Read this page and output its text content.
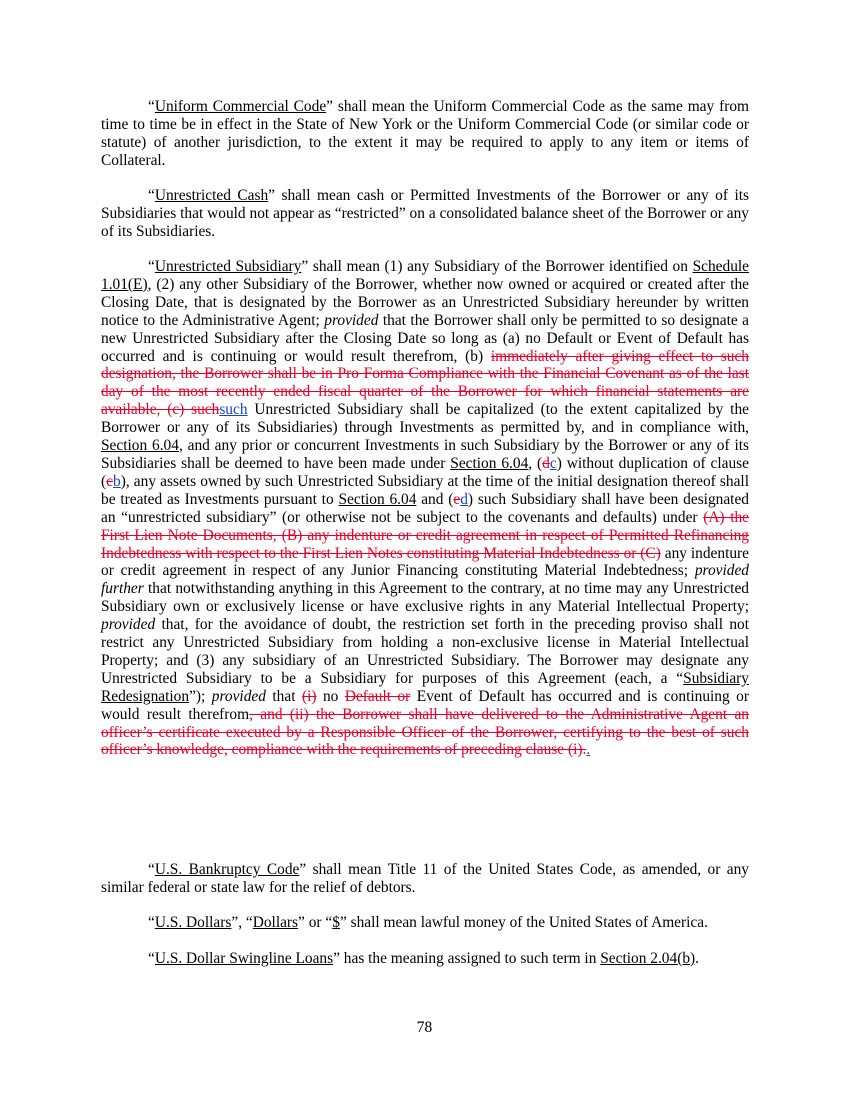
“Uniform Commercial Code” shall mean the Uniform Commercial Code as the same may from time to time be in effect in the State of New York or the Uniform Commercial Code (or similar code or statute) of another jurisdiction, to the extent it may be required to apply to any item or items of Collateral.

“Unrestricted Cash” shall mean cash or Permitted Investments of the Borrower or any of its Subsidiaries that would not appear as “restricted” on a consolidated balance sheet of the Borrower or any of its Subsidiaries.

“Unrestricted Subsidiary” shall mean (1) any Subsidiary of the Borrower identified on Schedule 1.01(E), (2) any other Subsidiary of the Borrower, whether now owned or acquired or created after the Closing Date, that is designated by the Borrower as an Unrestricted Subsidiary hereunder by written notice to the Administrative Agent; provided that the Borrower shall only be permitted to so designate a new Unrestricted Subsidiary after the Closing Date so long as (a) no Default or Event of Default has occurred and is continuing or would result therefrom, (b) immediately after giving effect to such designation, the Borrower shall be in Pro Forma Compliance with the Financial Covenant as of the last day of the most recently ended fiscal quarter of the Borrower for which financial statements are available, (c) suchsuch Unrestricted Subsidiary shall be capitalized (to the extent capitalized by the Borrower or any of its Subsidiaries) through Investments as permitted by, and in compliance with, Section 6.04, and any prior or concurrent Investments in such Subsidiary by the Borrower or any of its Subsidiaries shall be deemed to have been made under Section 6.04, (dc) without duplication of clause (cb), any assets owned by such Unrestricted Subsidiary at the time of the initial designation thereof shall be treated as Investments pursuant to Section 6.04 and (ed) such Subsidiary shall have been designated an “unrestricted subsidiary” (or otherwise not be subject to the covenants and defaults) under (A) the First Lien Note Documents, (B) any indenture or credit agreement in respect of Permitted Refinancing Indebtedness with respect to the First Lien Notes constituting Material Indebtedness or (C) any indenture or credit agreement in respect of any Junior Financing constituting Material Indebtedness; provided further that notwithstanding anything in this Agreement to the contrary, at no time may any Unrestricted Subsidiary own or exclusively license or have exclusive rights in any Material Intellectual Property; provided that, for the avoidance of doubt, the restriction set forth in the preceding proviso shall not restrict any Unrestricted Subsidiary from holding a non-exclusive license in Material Intellectual Property; and (3) any subsidiary of an Unrestricted Subsidiary. The Borrower may designate any Unrestricted Subsidiary to be a Subsidiary for purposes of this Agreement (each, a “Subsidiary Redesignation”); provided that (i) no Default or Event of Default has occurred and is continuing or would result therefrom, and (ii) the Borrower shall have delivered to the Administrative Agent an officer’s certificate executed by a Responsible Officer of the Borrower, certifying to the best of such officer’s knowledge, compliance with the requirements of preceding clause (i)..

“U.S. Bankruptcy Code” shall mean Title 11 of the United States Code, as amended, or any similar federal or state law for the relief of debtors.

“U.S. Dollars”, “Dollars” or “$” shall mean lawful money of the United States of America.

“U.S. Dollar Swingline Loans” has the meaning assigned to such term in Section 2.04(b).

78
